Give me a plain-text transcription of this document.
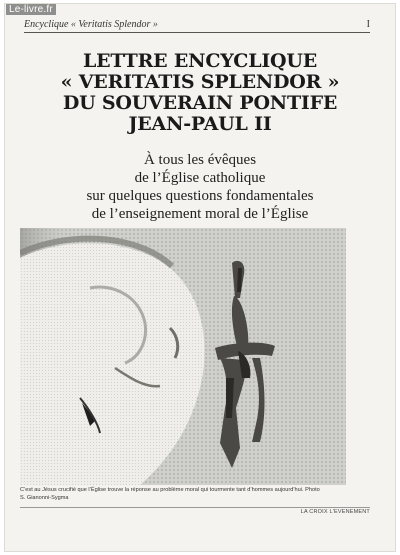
Encyclique « Veritatis Splendor »	I
LETTRE ENCYCLIQUE
« VERITATIS SPLENDOR »
DU SOUVERAIN PONTIFE
JEAN-PAUL II
À tous les évêques
de l’Église catholique
sur quelques questions fondamentales
de l’enseignement moral de l’Église
Le-livre.fr
C’est au Jésus crucifié que l’Église trouve la réponse au problème moral qui tourmente tant d’hommes aujourd’hui. Photo
S. Gianonni-Sygma
LA CROIX L'EVENEMENT
